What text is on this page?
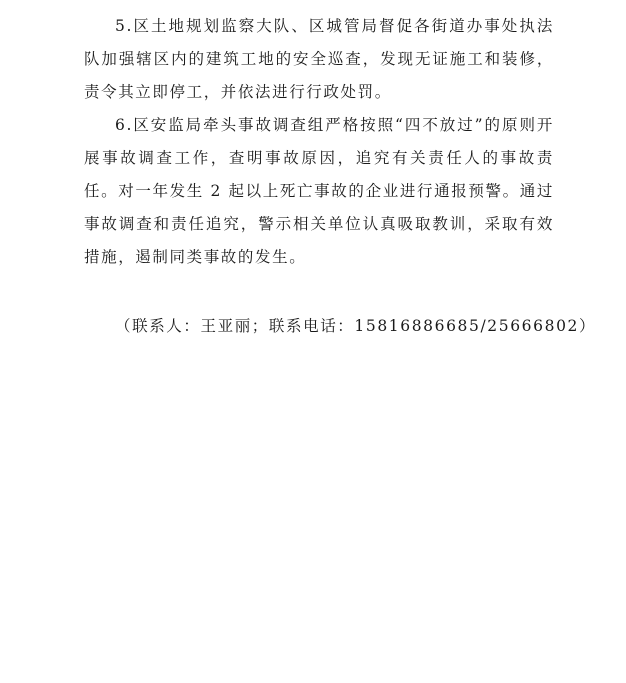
5.区土地规划监察大队、区城管局督促各街道办事处执法队加强辖区内的建筑工地的安全巡查，发现无证施工和装修，责令其立即停工，并依法进行行政处罚。

6.区安监局牵头事故调查组严格按照“四不放过”的原则开展事故调查工作，查明事故原因，追究有关责任人的事故责任。对一年发生 2 起以上死亡事故的企业进行通报预警。通过事故调查和责任追究，警示相关单位认真吸取教训，采取有效措施，遏制同类事故的发生。

（联系人：王亚丽；联系电话：15816886685/25666802）
